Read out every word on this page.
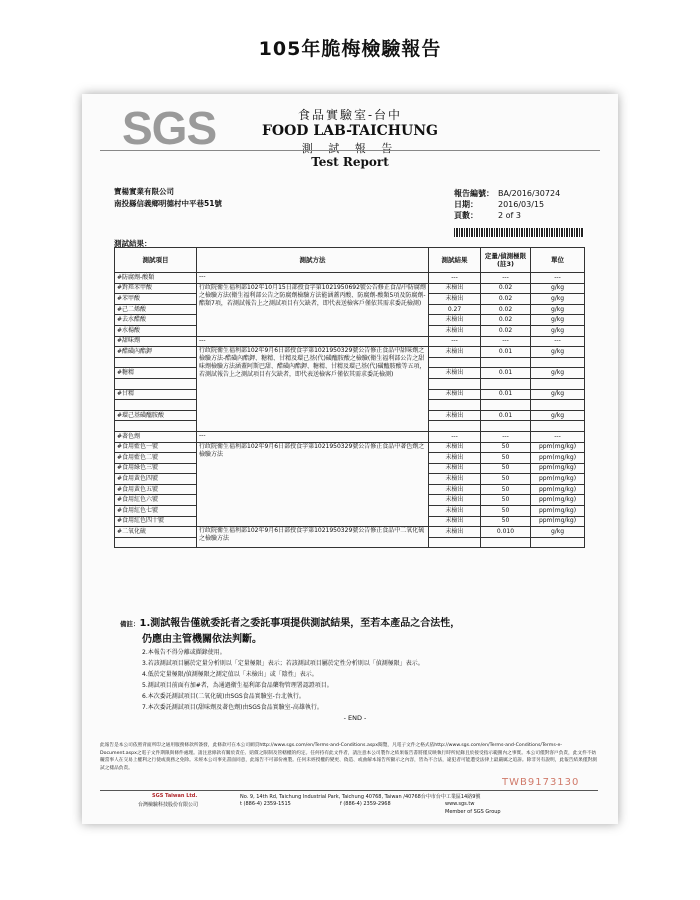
105年脆梅檢驗報告
SGS	食品實驗室-台中
FOOD LAB-TAICHUNG
測 試 報 告
Test Report
寶楊實業有限公司
南投縣信義鄉明德村中平巷51號
報告編號： BA/2016/30724
日期：	2016/03/15
頁數：	2 of 3
測試結果：
測試項目	測試方法	測試結果	定量/偵測極限(註3)	單位
#防腐劑-酸類	---	---	---	---
#對羥苯甲酸	行政院衛生福利部102年10月15日部授食字第1021950692號公告修正食品中防腐劑之檢驗方法(衛生福利部公告之防腐劑檢驗方法能涵蓋丙酸、防腐劑-酸類5項及防腐劑-酯類7項，若測試報告上之測試項目有欠缺者，即代表送檢客戶僅依其需求委託檢測)	未檢出	0.02	g/kg
#苯甲酸		未檢出	0.02	g/kg
#己二烯酸		0.27	0.02	g/kg
#去水醋酸		未檢出	0.02	g/kg
#水楊酸		未檢出	0.02	g/kg
#甜味劑	---	---	---	---
#醋磺內酯鉀	行政院衛生福利部102年9月6日部授食字第1021950329號公告修正食品中甜味劑之檢驗方法-醋磺內酯鉀、糖精、甘精及環己基(代)磺醯胺酸之檢驗(衛生福利部公告之甜味劑檢驗方法涵蓋阿斯巴甜、醋磺內酯鉀、糖精、甘精及環己基(代)磺醯胺酸等五項，若測試報告上之測試項目有欠缺者，即代表送檢客戶僅依其需求委託檢測)	未檢出	0.01	g/kg

#糖精		未檢出	0.01	g/kg

#甘精		未檢出	0.01	g/kg

#環己基磺醯胺酸		未檢出	0.01	g/kg

#著色劑	---	---	---	---
#食用藍色一號	行政院衛生福利部102年9月6日部授食字第1021950329號公告修正食品中著色劑之檢驗方法	未檢出	50	ppm(mg/kg)
#食用藍色二號		未檢出	50	ppm(mg/kg)
#食用綠色三號		未檢出	50	ppm(mg/kg)
#食用黃色四號		未檢出	50	ppm(mg/kg)
#食用黃色五號		未檢出	50	ppm(mg/kg)
#食用紅色六號		未檢出	50	ppm(mg/kg)
#食用紅色七號		未檢出	50	ppm(mg/kg)
#食用紅色四十號		未檢出	50	ppm(mg/kg)
#二氧化硫	行政院衛生福利部102年9月6日部授食字第1021950329號公告修正食品中二氧化硫之檢驗方法	未檢出	0.010	g/kg

備註：1.測試報告僅就委託者之委託事項提供測試結果，至若本產品之合法性，
仍應由主管機關依法判斷。
2.本報告不得分離或擷錄使用。
3.若該測試項目屬於定量分析則以「定量極限」表示；若該測試項目屬於定性分析則以「偵測極限」表示。
4.低於定量極限/偵測極限之測定值以「未檢出」或「陰性」表示。
5.測試項目前面有加#者，為通過衛生福利部食品藥物管理署認證項目。
6.本次委託測試項目(二氧化硫)由SGS食品實驗室-台北執行。
7.本次委託測試項目(甜味劑及著色劑)由SGS食品實驗室-高雄執行。
- END -
此報告是本公司依照背面所印之通用服務條款所簽發，此條款可在本公司網頁http://www.sgs.com/en/Terms-and-Conditions.aspx閱覽，凡電子文件之格式依http://www.sgs.com/en/Terms-and-Conditions/Terms-e-Document.aspx之電子文件期限與條件處理。請注意條款有關於責任、賠償之限制及管轄權的約定。任何持有此文件者，請注意本公司製作之結果報告書將僅反映執行時所紀錄且於接受指示範圍內之事實。本公司僅對客戶負責，此文件不妨礙當事人在交易上權利之行使或義務之免除。未經本公司事先書面同意，此報告不可部份複製。任何未經授權的變更、偽造、或曲解本報告所顯示之內容，皆為不合法，違犯者可能遭受法律上最嚴厲之追訴。除非另有說明，此報告結果僅對測試之樣品負責。
TWB9173130
SGS Taiwan Ltd.
台灣檢驗科技股份有限公司
No. 9, 14th Rd, Taichung Industrial Park, Taichung 40768, Taiwan /40768台中市台中工業區14路9號
t (886-4) 2359-1515	f (886-4) 2359-2968	www.sgs.tw
Member of SGS Group
